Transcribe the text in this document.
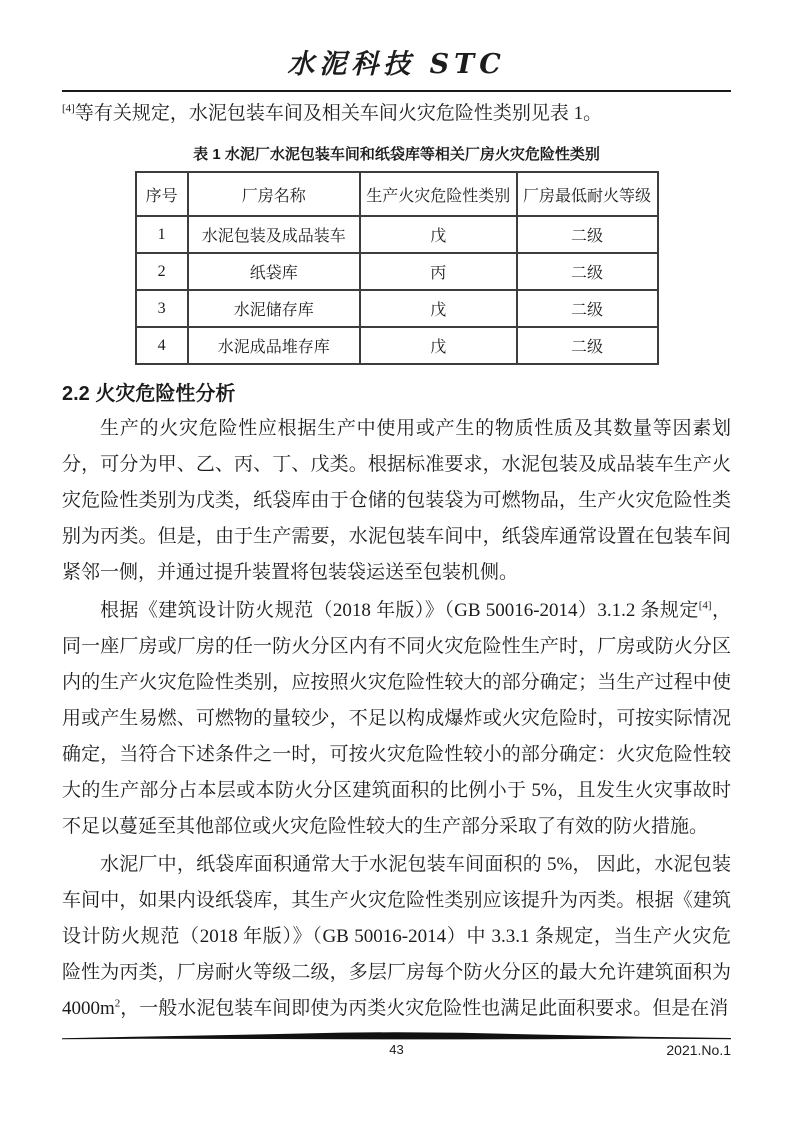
水泥科技 STC

[4]等有关规定，水泥包装车间及相关车间火灾危险性类别见表 1。

表 1 水泥厂水泥包装车间和纸袋库等相关厂房火灾危险性类别
序号	厂房名称	生产火灾危险性类别	厂房最低耐火等级
1	水泥包装及成品装车	戊	二级
2	纸袋库	丙	二级
3	水泥储存库	戊	二级
4	水泥成品堆存库	戊	二级
2.2 火灾危险性分析

生产的火灾危险性应根据生产中使用或产生的物质性质及其数量等因素划分，可分为甲、乙、丙、丁、戊类。根据标准要求，水泥包装及成品装车生产火灾危险性类别为戊类，纸袋库由于仓储的包装袋为可燃物品，生产火灾危险性类别为丙类。但是，由于生产需要，水泥包装车间中，纸袋库通常设置在包装车间紧邻一侧，并通过提升装置将包装袋运送至包装机侧。

根据《建筑设计防火规范（2018 年版）》（GB 50016-2014）3.1.2 条规定[4]，同一座厂房或厂房的任一防火分区内有不同火灾危险性生产时，厂房或防火分区内的生产火灾危险性类别，应按照火灾危险性较大的部分确定；当生产过程中使用或产生易燃、可燃物的量较少，不足以构成爆炸或火灾危险时，可按实际情况确定，当符合下述条件之一时，可按火灾危险性较小的部分确定：火灾危险性较大的生产部分占本层或本防火分区建筑面积的比例小于 5%，且发生火灾事故时不足以蔓延至其他部位或火灾危险性较大的生产部分采取了有效的防火措施。

水泥厂中，纸袋库面积通常大于水泥包装车间面积的 5%， 因此，水泥包装车间中，如果内设纸袋库，其生产火灾危险性类别应该提升为丙类。根据《建筑设计防火规范（2018 年版）》（GB 50016-2014）中 3.3.1 条规定，当生产火灾危险性为丙类，厂房耐火等级二级，多层厂房每个防火分区的最大允许建筑面积为4000m$^2$，一般水泥包装车间即使为丙类火灾危险性也满足此面积要求。但是在消

43	2021.No.1
